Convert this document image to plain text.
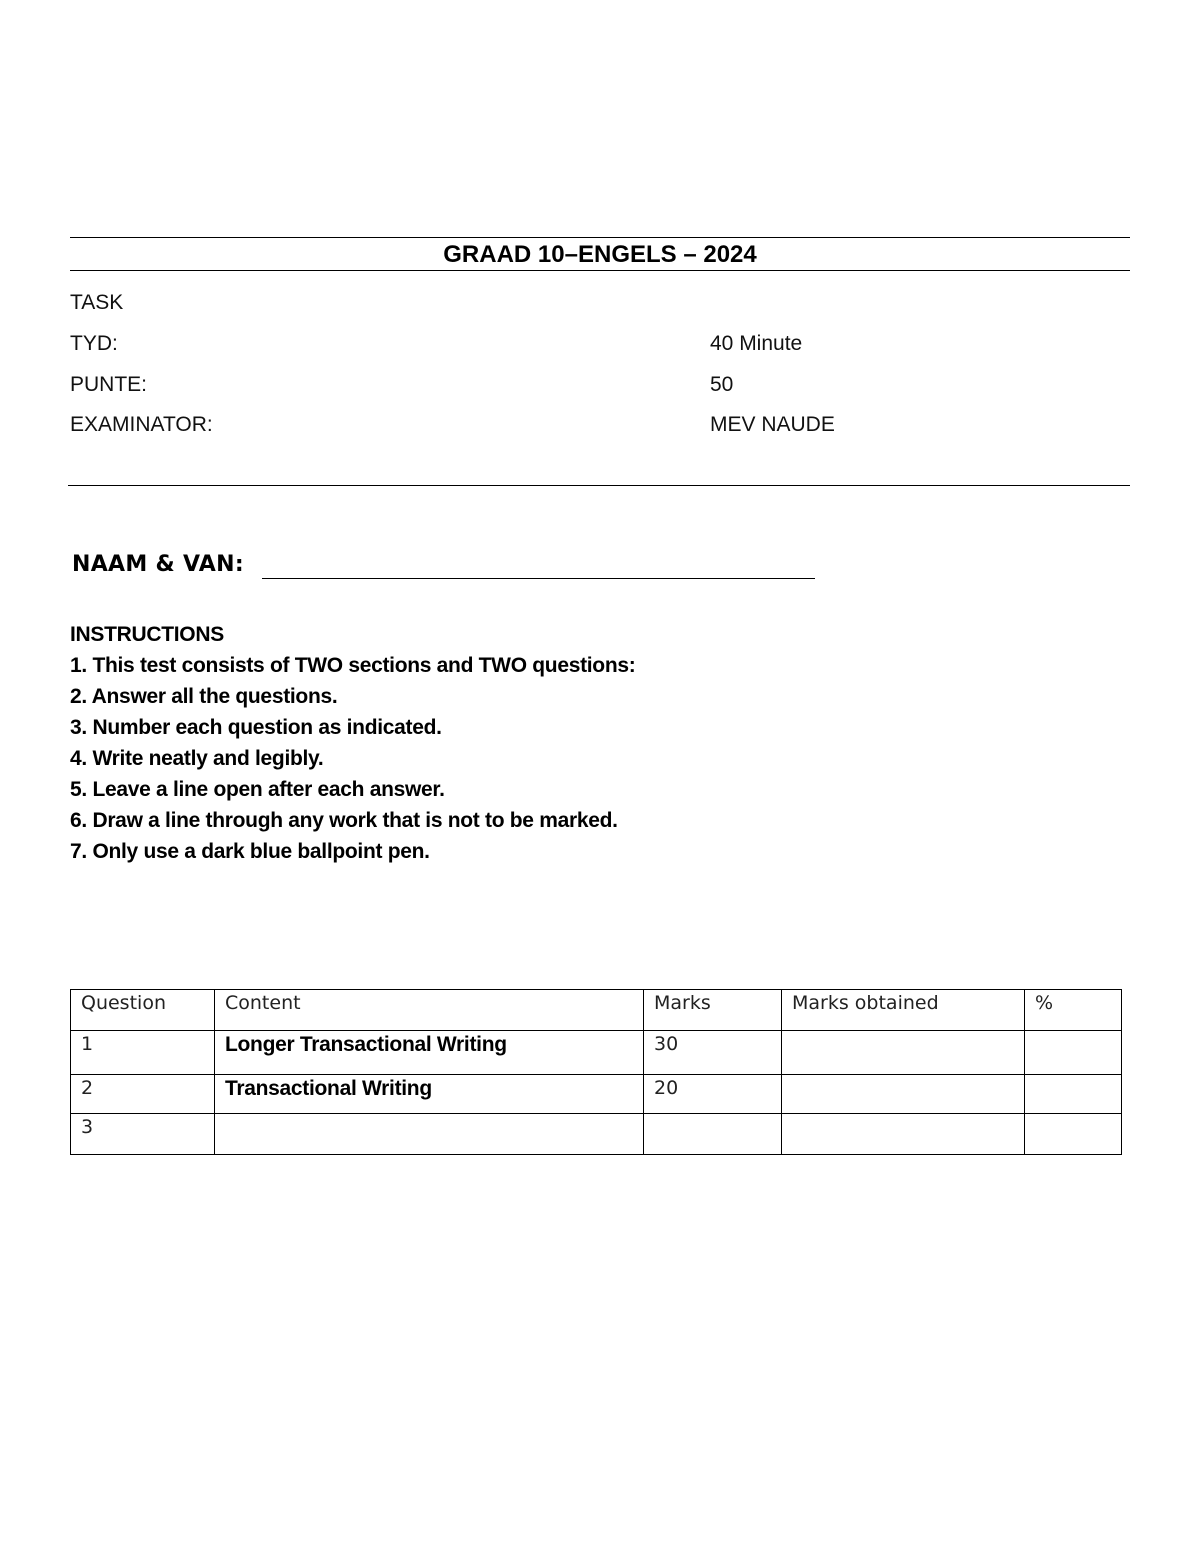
GRAAD 10–ENGELS – 2024
TASK
TYD:	40 Minute
PUNTE:	50
EXAMINATOR:	MEV NAUDE
NAAM & VAN:
INSTRUCTIONS
1. This test consists of TWO sections and TWO questions:
2. Answer all the questions.
3. Number each question as indicated.
4. Write neatly and legibly.
5. Leave a line open after each answer.
6. Draw a line through any work that is not to be marked.
7. Only use a dark blue ballpoint pen.
Question	Content	Marks	Marks obtained	%
1	Longer Transactional Writing	30		
2	Transactional Writing	20		
3				
